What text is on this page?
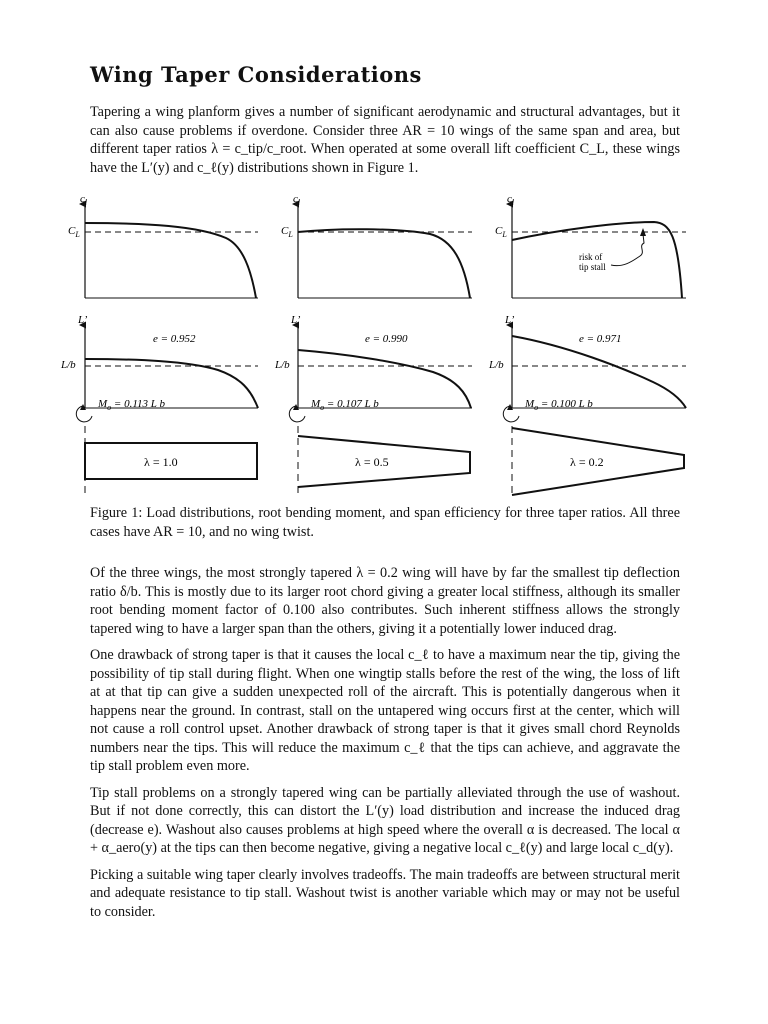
Wing Taper Considerations

Tapering a wing planform gives a number of significant aerodynamic and structural advantages, but it can also cause problems if overdone. Consider three AR = 10 wings of the same span and area, but different taper ratios λ = c_tip/c_root. When operated at some overall lift coefficient C_L, these wings have the L′(y) and c_ℓ(y) distributions shown in Figure 1.

$c_l$
$C_L$
L’
L/b
e = 0.952
$M_o = 0.113$ L b
λ = 1.0
$c_l$
$C_L$
L’
L/b
e = 0.990
$M_o = 0.107$ L b
λ = 0.5
$c_l$
$C_L$
risk of
tip stall
L’
L/b
e = 0.971
$M_o = 0.100$ L b
λ = 0.2

Figure 1: Load distributions, root bending moment, and span efficiency for three taper ratios. All three cases have AR = 10, and no wing twist.

Of the three wings, the most strongly tapered λ = 0.2 wing will have by far the smallest tip deflection ratio δ/b. This is mostly due to its larger root chord giving a greater local stiffness, although its smaller root bending moment factor of 0.100 also contributes. Such inherent stiffness allows the strongly tapered wing to have a larger span than the others, giving it a potentially lower induced drag.

One drawback of strong taper is that it causes the local c_ℓ to have a maximum near the tip, giving the possibility of tip stall during flight. When one wingtip stalls before the rest of the wing, the loss of lift at at that tip can give a sudden unexpected roll of the aircraft. This is potentially dangerous when it happens near the ground. In contrast, stall on the untapered wing occurs first at the center, which will not cause a roll control upset. Another drawback of strong taper is that it gives small chord Reynolds numbers near the tips. This will reduce the maximum c_ℓ that the tips can achieve, and aggravate the tip stall problem even more.

Tip stall problems on a strongly tapered wing can be partially alleviated through the use of washout. But if not done correctly, this can distort the L′(y) load distribution and increase the induced drag (decrease e). Washout also causes problems at high speed where the overall α is decreased. The local α + α_aero(y) at the tips can then become negative, giving a negative local c_ℓ(y) and large local c_d(y).

Picking a suitable wing taper clearly involves tradeoffs. The main tradeoffs are between structural merit and adequate resistance to tip stall. Washout twist is another variable which may or may not be useful to consider.
